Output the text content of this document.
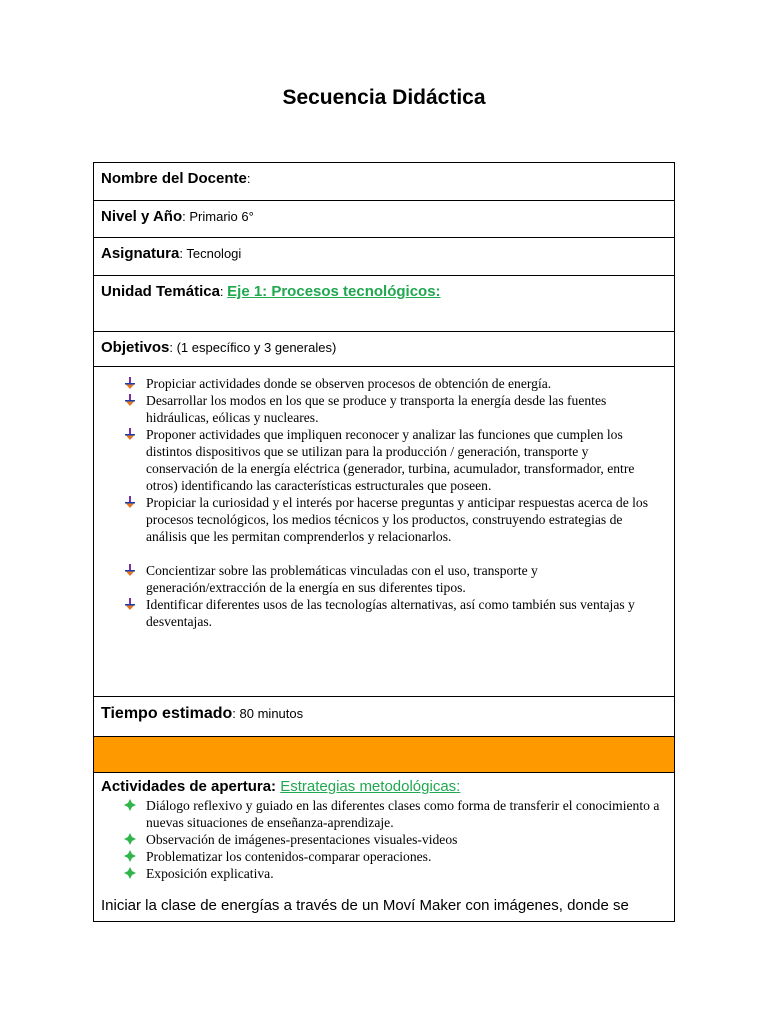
Secuencia Didáctica
Nombre del Docente:
Nivel y Año: Primario 6°
Asignatura: Tecnologi
Unidad Temática: Eje 1: Procesos tecnológicos:
Objetivos: (1 específico y 3 generales)
Propiciar actividades donde se observen procesos de obtención de energía.
Desarrollar los modos en los que se produce y transporta la energía desde las fuentes hidráulicas, eólicas y nucleares.
Proponer actividades que impliquen reconocer y analizar las funciones que cumplen los distintos dispositivos que se utilizan para la producción / generación, transporte y conservación de la energía eléctrica (generador, turbina, acumulador, transformador, entre otros) identificando las características estructurales que poseen.
Propiciar la curiosidad y el interés por hacerse preguntas y anticipar respuestas acerca de los procesos tecnológicos, los medios técnicos y los productos, construyendo estrategias de análisis que les permitan comprenderlos y relacionarlos.
Concientizar sobre las problemáticas vinculadas con el uso, transporte y generación/extracción de la energía en sus diferentes tipos.
Identificar diferentes usos de las tecnologías alternativas, así como también sus ventajas y desventajas.
Tiempo estimado: 80 minutos
Actividades de apertura: Estrategias metodológicas:
Diálogo reflexivo y guiado en las diferentes clases como forma de transferir el conocimiento a nuevas situaciones de enseñanza-aprendizaje.
Observación de imágenes-presentaciones visuales-videos
Problematizar los contenidos-comparar operaciones.
Exposición explicativa.
Iniciar la clase de energías a través de un Moví Maker con imágenes, donde se
